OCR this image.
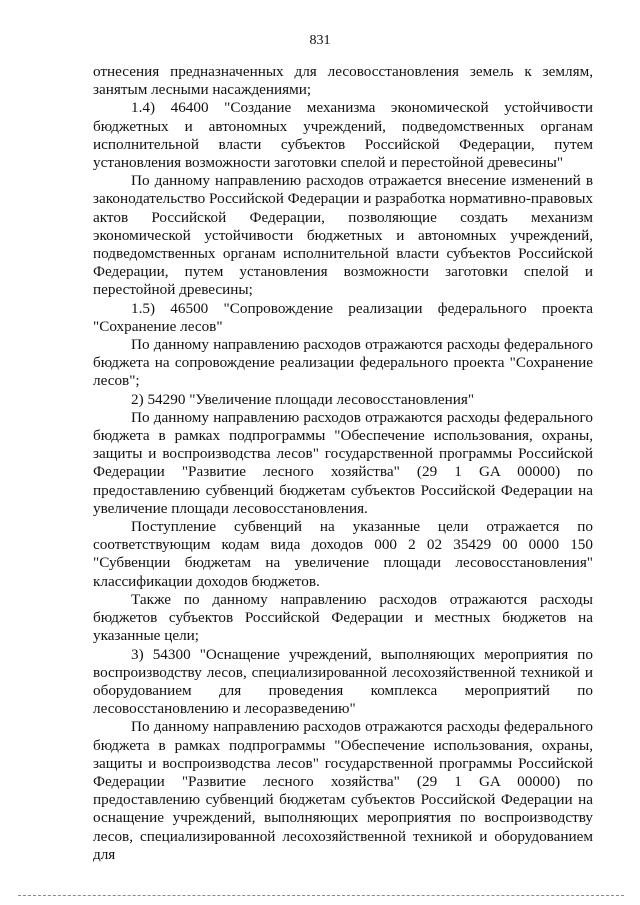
831

отнесения предназначенных для лесовосстановления земель к землям, занятым лесными насаждениями;

1.4) 46400 "Создание механизма экономической устойчивости бюджетных и автономных учреждений, подведомственных органам исполнительной власти субъектов Российской Федерации, путем установления возможности заготовки спелой и перестойной древесины"

По данному направлению расходов отражается внесение изменений в законодательство Российской Федерации и разработка нормативно-правовых актов Российской Федерации, позволяющие создать механизм экономической устойчивости бюджетных и автономных учреждений, подведомственных органам исполнительной власти субъектов Российской Федерации, путем установления возможности заготовки спелой и перестойной древесины;

1.5) 46500 "Сопровождение реализации федерального проекта "Сохранение лесов"

По данному направлению расходов отражаются расходы федерального бюджета на сопровождение реализации федерального проекта "Сохранение лесов";

2) 54290 "Увеличение площади лесовосстановления"

По данному направлению расходов отражаются расходы федерального бюджета в рамках подпрограммы "Обеспечение использования, охраны, защиты и воспроизводства лесов" государственной программы Российской Федерации "Развитие лесного хозяйства" (29 1 GA 00000) по предоставлению субвенций бюджетам субъектов Российской Федерации на увеличение площади лесовосстановления.

Поступление субвенций на указанные цели отражается по соответствующим кодам вида доходов 000 2 02 35429 00 0000 150 "Субвенции бюджетам на увеличение площади лесовосстановления" классификации доходов бюджетов.

Также по данному направлению расходов отражаются расходы бюджетов субъектов Российской Федерации и местных бюджетов на указанные цели;

3) 54300 "Оснащение учреждений, выполняющих мероприятия по воспроизводству лесов, специализированной лесохозяйственной техникой и оборудованием для проведения комплекса мероприятий по лесовосстановлению и лесоразведению"

По данному направлению расходов отражаются расходы федерального бюджета в рамках подпрограммы "Обеспечение использования, охраны, защиты и воспроизводства лесов" государственной программы Российской Федерации "Развитие лесного хозяйства" (29 1 GA 00000) по предоставлению субвенций бюджетам субъектов Российской Федерации на оснащение учреждений, выполняющих мероприятия по воспроизводству лесов, специализированной лесохозяйственной техникой и оборудованием для
